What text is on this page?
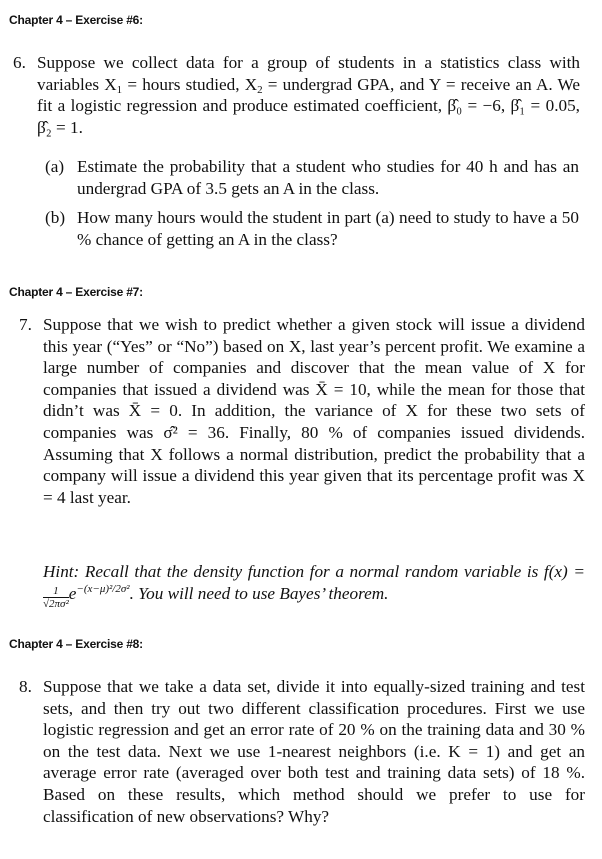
Chapter 4 – Exercise #6:
6. Suppose we collect data for a group of students in a statistics class with variables $X_1$ = hours studied, $X_2$ = undergrad GPA, and Y = receive an A. We fit a logistic regression and produce estimated coefficient, β̂₀ = −6, β̂₁ = 0.05, β̂₂ = 1.

(a) Estimate the probability that a student who studies for 40 h and has an undergrad GPA of 3.5 gets an A in the class.
(b) How many hours would the student in part (a) need to study to have a 50 % chance of getting an A in the class?
Chapter 4 – Exercise #7:
7. Suppose that we wish to predict whether a given stock will issue a dividend this year (“Yes” or “No”) based on X, last year’s percent profit. We examine a large number of companies and discover that the mean value of X for companies that issued a dividend was X̄ = 10, while the mean for those that didn’t was X̄ = 0. In addition, the variance of X for these two sets of companies was σ̂² = 36. Finally, 80 % of companies issued dividends. Assuming that X follows a normal distribution, predict the probability that a company will issue a dividend this year given that its percentage profit was X = 4 last year.

Hint: Recall that the density function for a normal random variable is f(x) =
$\frac{1}{\text{√2πσ²}} e^{-(x-\mu)^2/2\sigma^2}$. You will need to use Bayes’ theorem.

Chapter 4 – Exercise #8:
8. Suppose that we take a data set, divide it into equally-sized training and test sets, and then try out two different classification procedures. First we use logistic regression and get an error rate of 20 % on the training data and 30 % on the test data. Next we use 1-nearest neighbors (i.e. K = 1) and get an average error rate (averaged over both test and training data sets) of 18 %. Based on these results, which method should we prefer to use for classification of new observations? Why?
